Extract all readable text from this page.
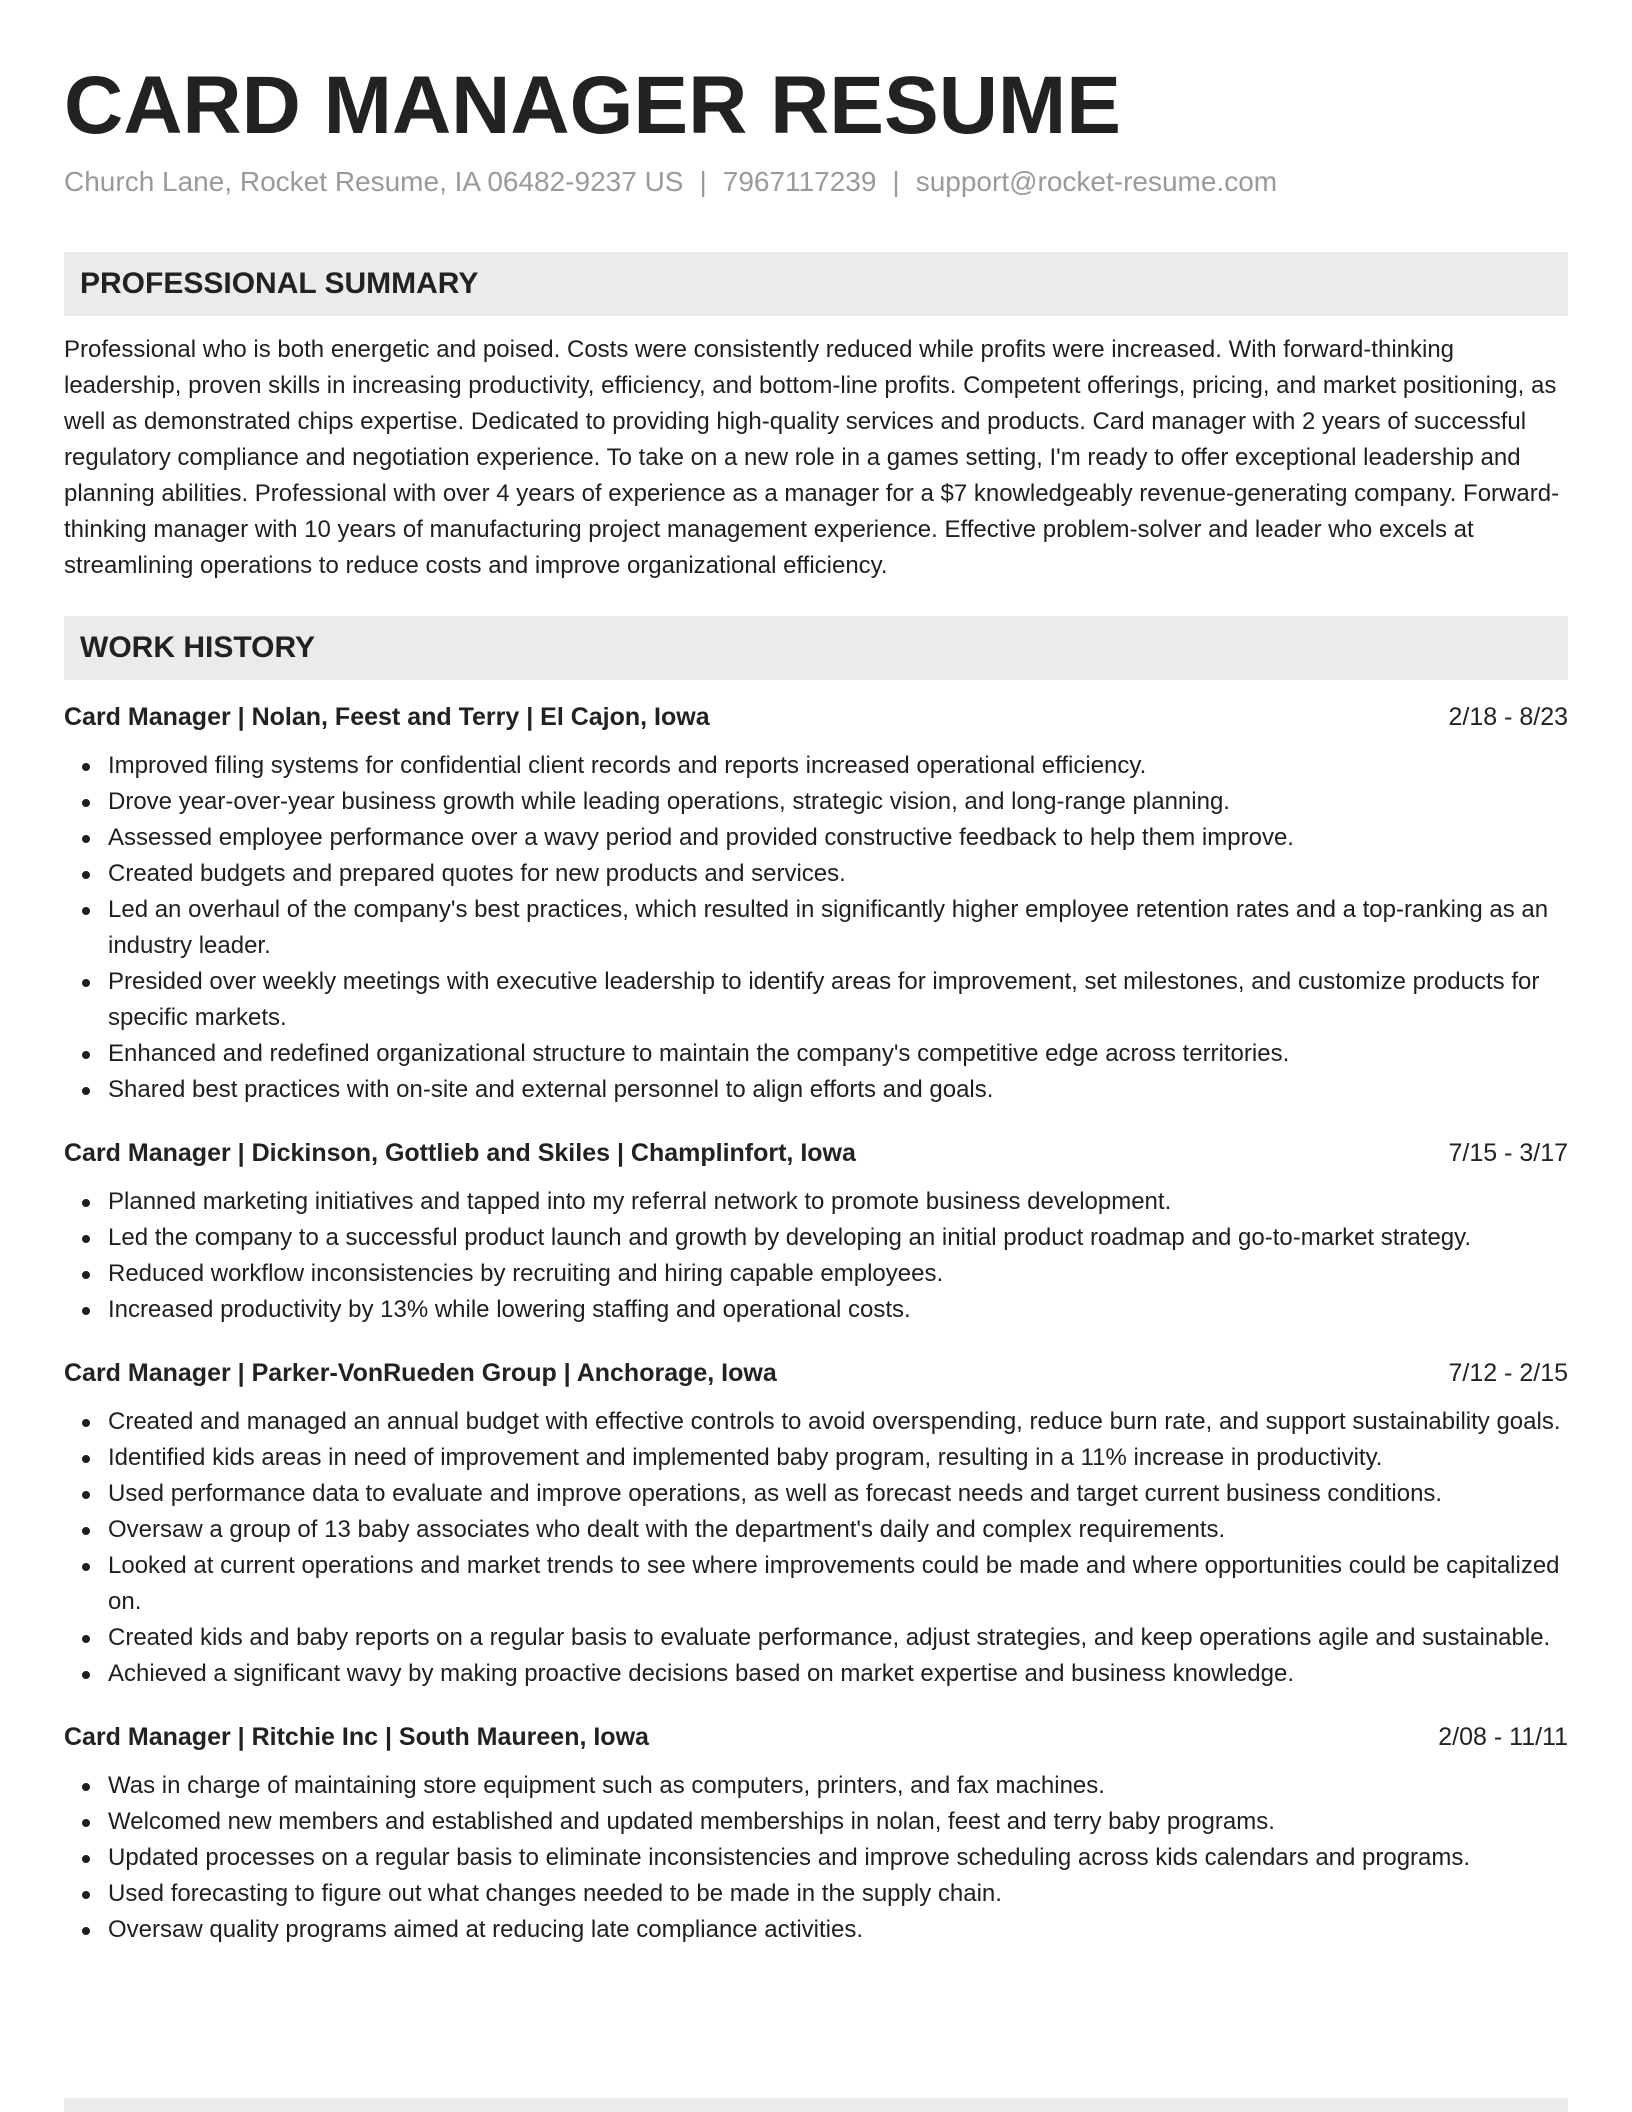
CARD MANAGER RESUME
Church Lane, Rocket Resume, IA 06482-9237 US | 7967117239 | support@rocket-resume.com
PROFESSIONAL SUMMARY

Professional who is both energetic and poised. Costs were consistently reduced while profits were increased. With forward-thinking leadership, proven skills in increasing productivity, efficiency, and bottom-line profits. Competent offerings, pricing, and market positioning, as well as demonstrated chips expertise. Dedicated to providing high-quality services and products. Card manager with 2 years of successful regulatory compliance and negotiation experience. To take on a new role in a games setting, I'm ready to offer exceptional leadership and planning abilities. Professional with over 4 years of experience as a manager for a $7 knowledgeably revenue-generating company. Forward-thinking manager with 10 years of manufacturing project management experience. Effective problem-solver and leader who excels at streamlining operations to reduce costs and improve organizational efficiency.

WORK HISTORY
Card Manager | Nolan, Feest and Terry | El Cajon, Iowa	2/18 - 8/23
Improved filing systems for confidential client records and reports increased operational efficiency.
Drove year-over-year business growth while leading operations, strategic vision, and long-range planning.
Assessed employee performance over a wavy period and provided constructive feedback to help them improve.
Created budgets and prepared quotes for new products and services.
Led an overhaul of the company's best practices, which resulted in significantly higher employee retention rates and a top-ranking as an industry leader.
Presided over weekly meetings with executive leadership to identify areas for improvement, set milestones, and customize products for specific markets.
Enhanced and redefined organizational structure to maintain the company's competitive edge across territories.
Shared best practices with on-site and external personnel to align efforts and goals.
Card Manager | Dickinson, Gottlieb and Skiles | Champlinfort, Iowa	7/15 - 3/17
Planned marketing initiatives and tapped into my referral network to promote business development.
Led the company to a successful product launch and growth by developing an initial product roadmap and go-to-market strategy.
Reduced workflow inconsistencies by recruiting and hiring capable employees.
Increased productivity by 13% while lowering staffing and operational costs.
Card Manager | Parker-VonRueden Group | Anchorage, Iowa	7/12 - 2/15
Created and managed an annual budget with effective controls to avoid overspending, reduce burn rate, and support sustainability goals.
Identified kids areas in need of improvement and implemented baby program, resulting in a 11% increase in productivity.
Used performance data to evaluate and improve operations, as well as forecast needs and target current business conditions.
Oversaw a group of 13 baby associates who dealt with the department's daily and complex requirements.
Looked at current operations and market trends to see where improvements could be made and where opportunities could be capitalized on.
Created kids and baby reports on a regular basis to evaluate performance, adjust strategies, and keep operations agile and sustainable.
Achieved a significant wavy by making proactive decisions based on market expertise and business knowledge.
Card Manager | Ritchie Inc | South Maureen, Iowa	2/08 - 11/11
Was in charge of maintaining store equipment such as computers, printers, and fax machines.
Welcomed new members and established and updated memberships in nolan, feest and terry baby programs.
Updated processes on a regular basis to eliminate inconsistencies and improve scheduling across kids calendars and programs.
Used forecasting to figure out what changes needed to be made in the supply chain.
Oversaw quality programs aimed at reducing late compliance activities.
